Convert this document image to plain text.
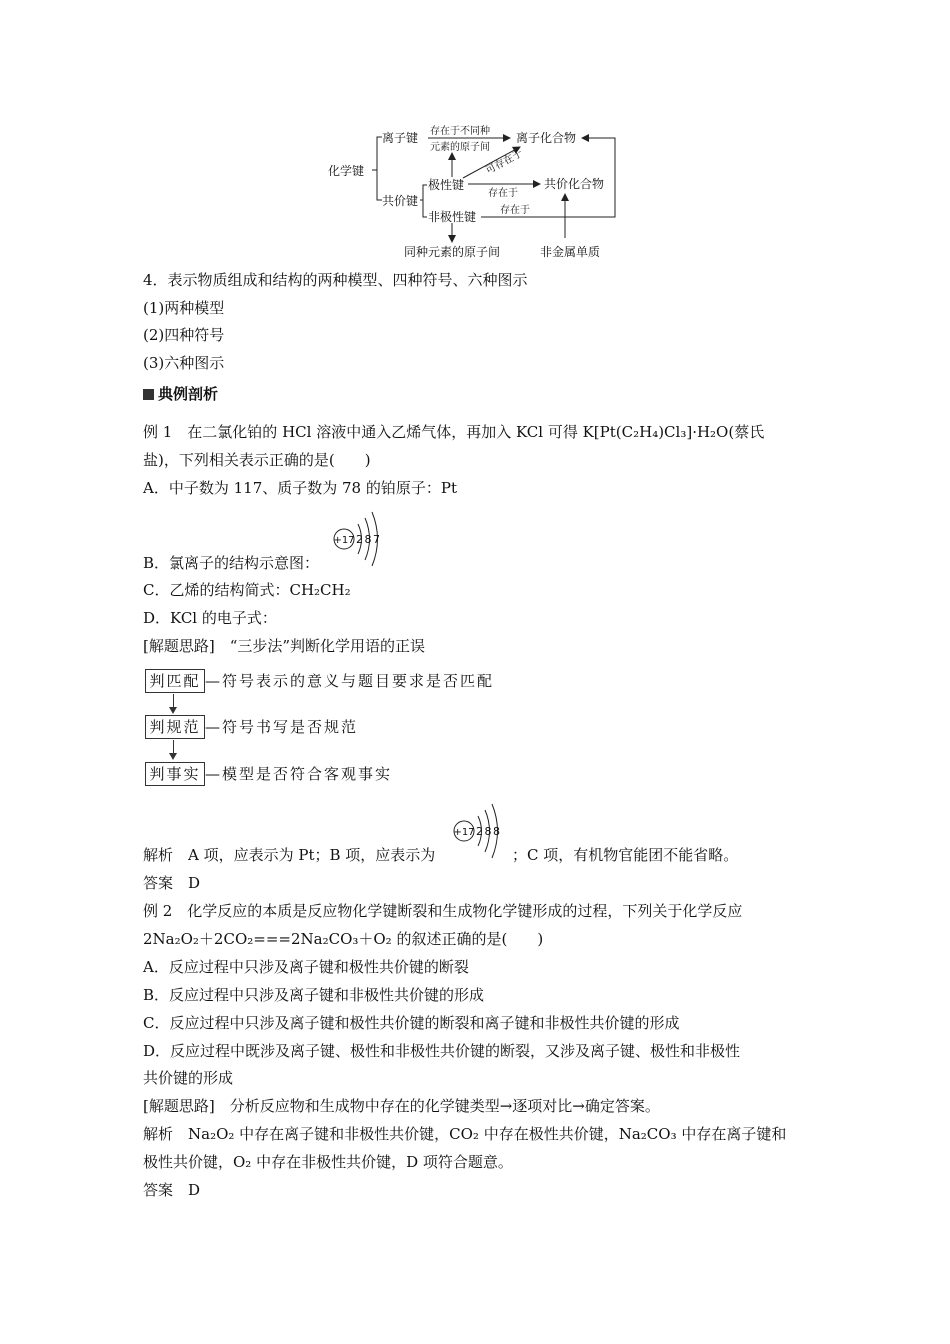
化学键
离子键
共价键
极性键
非极性键
离子化合物
共价化合物
存在于不同种
元素的原子间
可存在于
存在于
存在于
同种元素的原子间	非金属单质
4．表示物质组成和结构的两种模型、四种符号、六种图示
(1)两种模型
(2)四种符号
(3)六种图示
典例剖析
例 1　在二氯化铂的 HCl 溶液中通入乙烯气体，再加入 KCl 可得 K[Pt(C₂H₄)Cl₃]·H₂O(蔡氏
盐)，下列相关表示正确的是(　　)
A．中子数为 117、质子数为 78 的铂原子：Pt
+17 2 8 7
B．氯离子的结构示意图：
C．乙烯的结构简式：CH₂CH₂
D．KCl 的电子式：
[解题思路]　“三步法”判断化学用语的正误
判匹配 —符号表示的意义与题目要求是否匹配
判规范 —符号书写是否规范
判事实 —模型是否符合客观事实
+17 2 8 8
解析　A 项，应表示为 Pt；B 项，应表示为	；C 项，有机物官能团不能省略。
答案　D
例 2　化学反应的本质是反应物化学键断裂和生成物化学键形成的过程，下列关于化学反应
2Na₂O₂＋2CO₂===2Na₂CO₃＋O₂ 的叙述正确的是(　　)
A．反应过程中只涉及离子键和极性共价键的断裂
B．反应过程中只涉及离子键和非极性共价键的形成
C．反应过程中只涉及离子键和极性共价键的断裂和离子键和非极性共价键的形成
D．反应过程中既涉及离子键、极性和非极性共价键的断裂，又涉及离子键、极性和非极性
共价键的形成
[解题思路]　分析反应物和生成物中存在的化学键类型→逐项对比→确定答案。
解析　Na₂O₂ 中存在离子键和非极性共价键，CO₂ 中存在极性共价键，Na₂CO₃ 中存在离子键和
极性共价键，O₂ 中存在非极性共价键，D 项符合题意。
答案　D
